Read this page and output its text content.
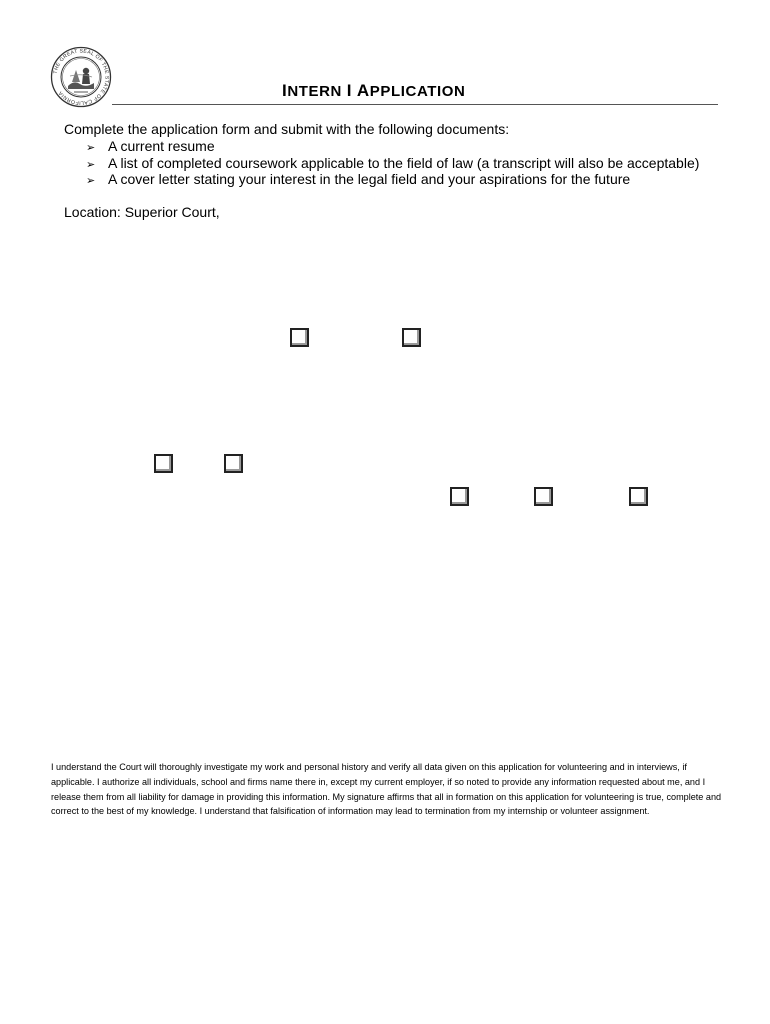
THE GREAT SEAL OF THE STATE OF CALIFORNIA	INTERN I APPLICATION
Complete the application form and submit with the following documents:
➢ A current resume
➢ A list of completed coursework applicable to the field of law (a transcript will also be acceptable)
➢ A cover letter stating your interest in the legal field and your aspirations for the future
Location: Superior Court,
I understand the Court will thoroughly investigate my work and personal history and verify all data given on this application for volunteering and in interviews, if applicable. I authorize all individuals, school and firms name there in, except my current employer, if so noted to provide any information requested about me, and I release them from all liability for damage in providing this information. My signature affirms that all in formation on this application for volunteering is true, complete and correct to the best of my knowledge. I understand that falsification of information may lead to termination from my internship or volunteer assignment.
